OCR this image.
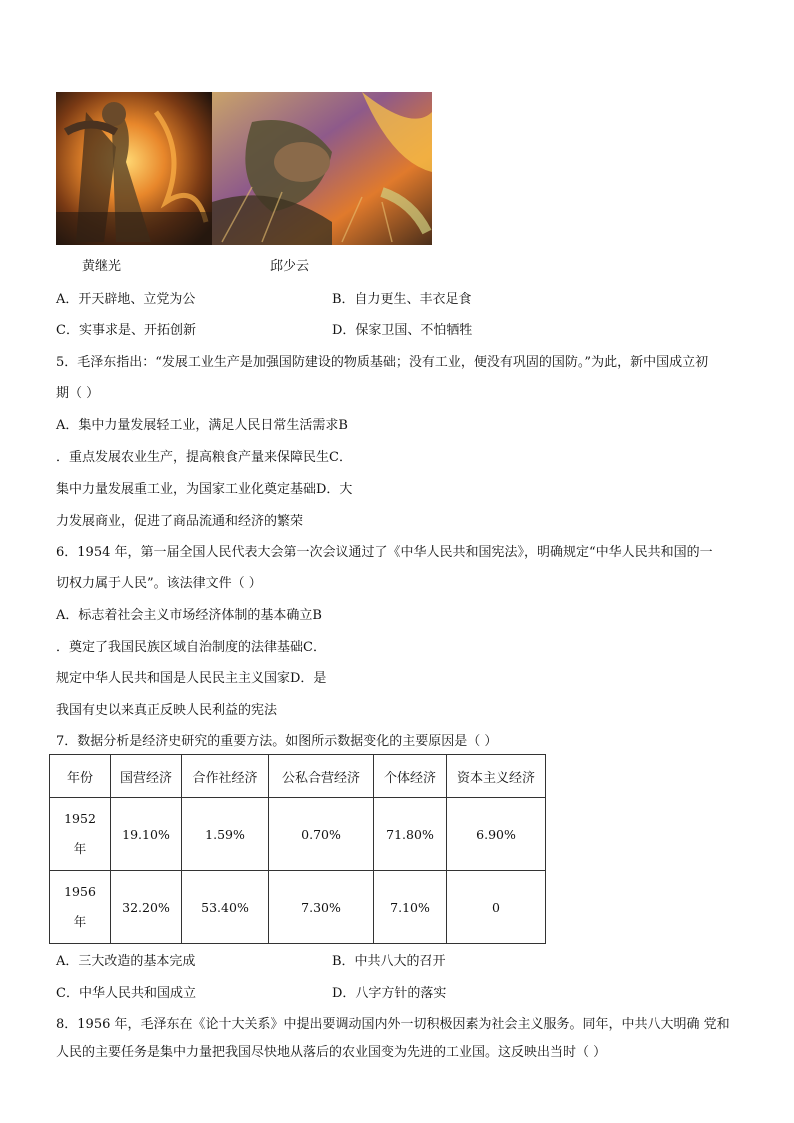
黄继光	邱少云
A．开天辟地、立党为公	B．自力更生、丰衣足食
C．实事求是、开拓创新	D．保家卫国、不怕牺牲
5．毛泽东指出：“发展工业生产是加强国防建设的物质基础；没有工业，便没有巩固的国防。”为此，新中国成立初
期（ ）
A．集中力量发展轻工业，满足人民日常生活需求B
．重点发展农业生产，提高粮食产量来保障民生C．
集中力量发展重工业，为国家工业化奠定基础D．大
力发展商业，促进了商品流通和经济的繁荣
6．1954 年，第一届全国人民代表大会第一次会议通过了《中华人民共和国宪法》，明确规定“中华人民共和国的一
切权力属于人民”。该法律文件（ ）
A．标志着社会主义市场经济体制的基本确立B
．奠定了我国民族区域自治制度的法律基础C．
规定中华人民共和国是人民民主主义国家D．是
我国有史以来真正反映人民利益的宪法
7．数据分析是经济史研究的重要方法。如图所示数据变化的主要原因是（ ）
年份	国营经济	合作社经济	公私合营经济	个体经济	资本主义经济

1952
年	19.10%	1.59%	0.70%	71.80%	6.90%

1956
年	32.20%	53.40%	7.30%	7.10%	0
A．三大改造的基本完成	B．中共八大的召开
C．中华人民共和国成立	D．八字方针的落实
8．1956 年，毛泽东在《论十大关系》中提出要调动国内外一切积极因素为社会主义服务。同年，中共八大明确 党和
人民的主要任务是集中力量把我国尽快地从落后的农业国变为先进的工业国。这反映出当时（ ）
